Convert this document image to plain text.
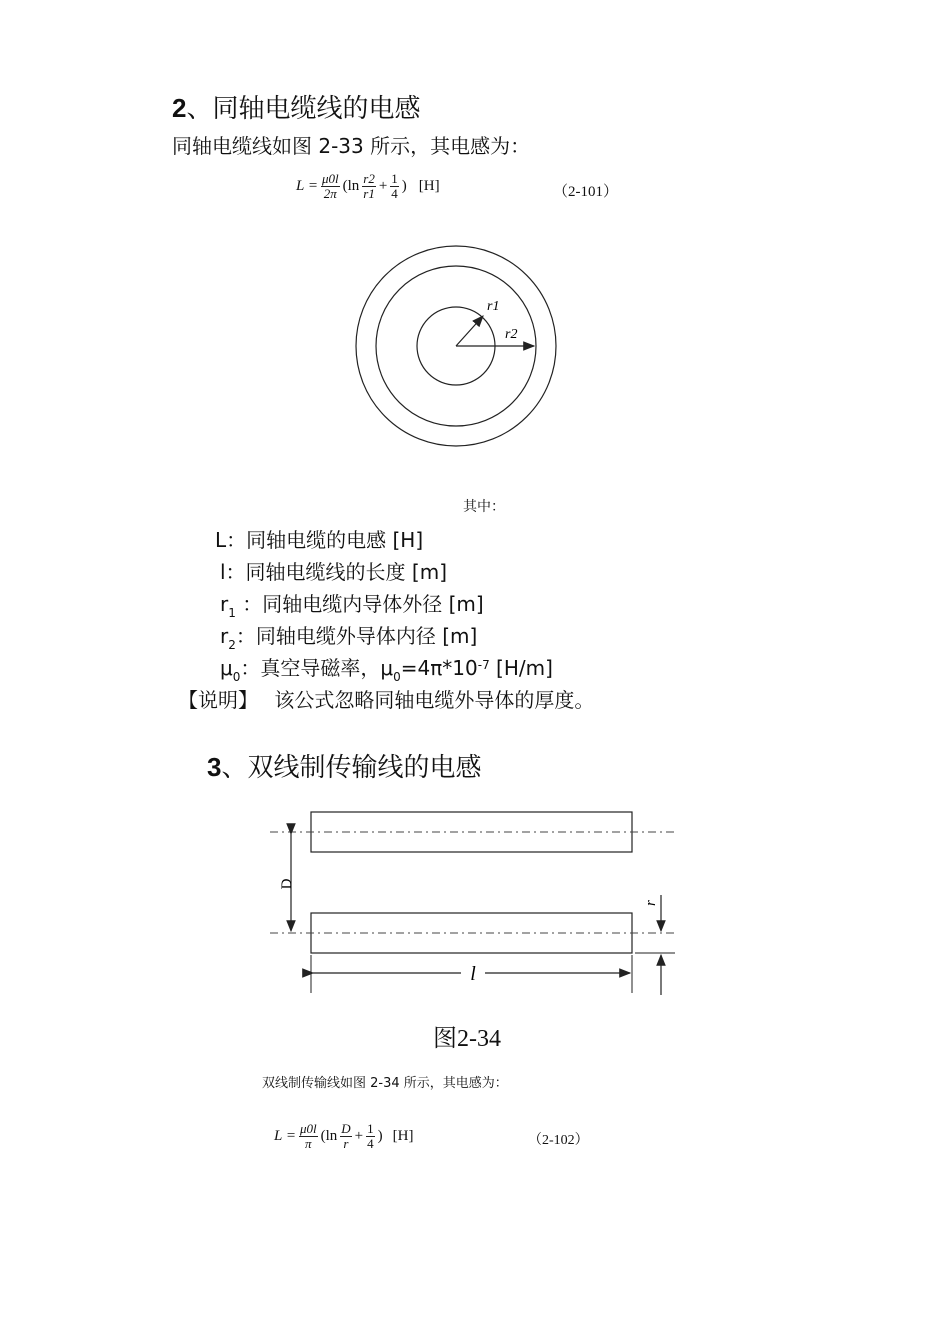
2、同轴电缆线的电感
同轴电缆线如图 2-33 所示，其电感为：
$L = \frac{\mu 0l}{2\pi} (\ln \frac{r2}{r1} + \frac{1}{4}$ ) [H]	（2-101）
r1
r2
其中：
L：同轴电缆的电感 [H]
l：同轴电缆线的长度 [m]
$r_1$ ：同轴电缆内导体外径 [m]
$r_2$：同轴电缆外导体内径 [m]
$\mu_0$：真空导磁率，$\mu_0=4\pi*10^{-7}$ [H/m]
【说明】 该公式忽略同轴电缆外导体的厚度。
3、双线制传输线的电感
D
r
l
图2-34
双线制传输线如图 2-34 所示，其电感为：
$L = \frac{\mu 0l}{\pi} (\ln \frac{D}{r} + \frac{1}{4}$ ) [H]	（2-102）
